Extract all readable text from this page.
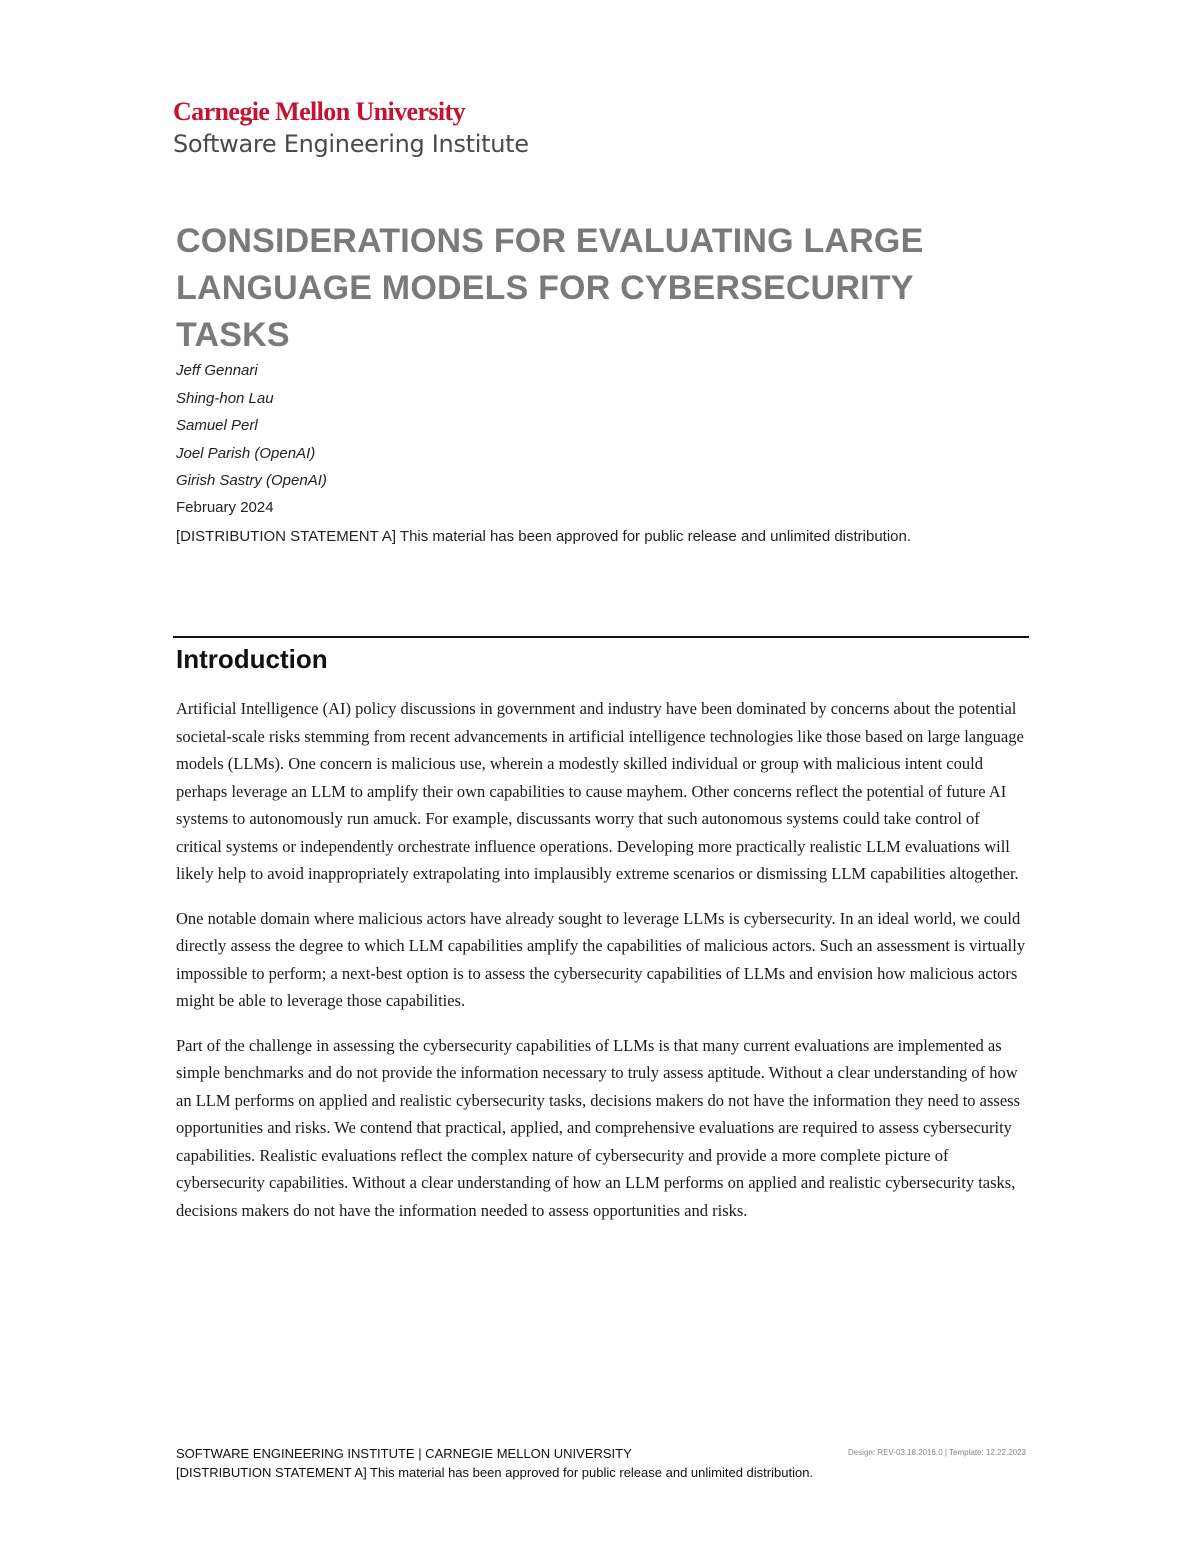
Carnegie Mellon University
Software Engineering Institute
CONSIDERATIONS FOR EVALUATING LARGE LANGUAGE MODELS FOR CYBERSECURITY TASKS
Jeff Gennari
Shing-hon Lau
Samuel Perl
Joel Parish (OpenAI)
Girish Sastry (OpenAI)
February 2024
[DISTRIBUTION STATEMENT A] This material has been approved for public release and unlimited distribution.
Introduction

Artificial Intelligence (AI) policy discussions in government and industry have been dominated by concerns about the potential societal-scale risks stemming from recent advancements in artificial intelligence technologies like those based on large language models (LLMs). One concern is malicious use, wherein a modestly skilled individual or group with malicious intent could perhaps leverage an LLM to amplify their own capabilities to cause mayhem. Other concerns reflect the potential of future AI systems to autonomously run amuck. For example, discussants worry that such autonomous systems could take control of critical systems or independently orchestrate influence operations. Developing more practically realistic LLM evaluations will likely help to avoid inappropriately extrapolating into implausibly extreme scenarios or dismissing LLM capabilities altogether.

One notable domain where malicious actors have already sought to leverage LLMs is cybersecurity. In an ideal world, we could directly assess the degree to which LLM capabilities amplify the capabilities of malicious actors. Such an assessment is virtually impossible to perform; a next-best option is to assess the cybersecurity capabilities of LLMs and envision how malicious actors might be able to leverage those capabilities.

Part of the challenge in assessing the cybersecurity capabilities of LLMs is that many current evaluations are implemented as simple benchmarks and do not provide the information necessary to truly assess aptitude. Without a clear understanding of how an LLM performs on applied and realistic cybersecurity tasks, decisions makers do not have the information they need to assess opportunities and risks. We contend that practical, applied, and comprehensive evaluations are required to assess cybersecurity capabilities. Realistic evaluations reflect the complex nature of cybersecurity and provide a more complete picture of cybersecurity capabilities. Without a clear understanding of how an LLM performs on applied and realistic cybersecurity tasks, decisions makers do not have the information needed to assess opportunities and risks.

SOFTWARE ENGINEERING INSTITUTE | CARNEGIE MELLON UNIVERSITY	Design: REV-03.18.2016.0 | Template: 12.22.2023
[DISTRIBUTION STATEMENT A] This material has been approved for public release and unlimited distribution.
